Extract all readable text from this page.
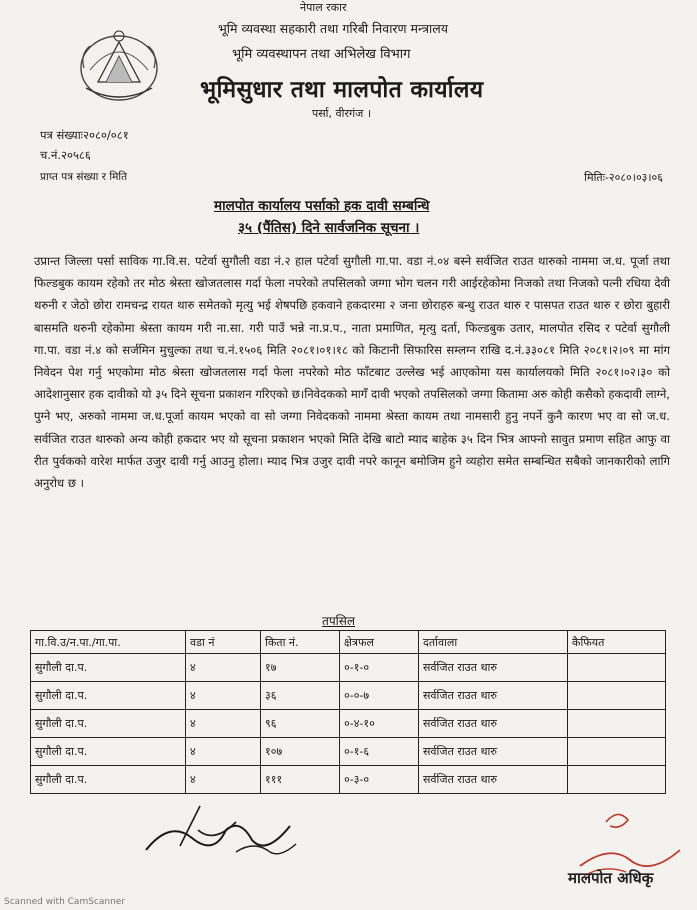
नेपाल रकार
भूमि व्यवस्था सहकारी तथा गरिबी निवारण मन्त्रालय
भूमि व्यवस्थापन तथा अभिलेख विभाग
भूमिसुधार तथा मालपोत कार्यालय
पर्सा, वीरगंज ।
पत्र संख्याः२०८०/०८१
च.नं.२०५८६
प्राप्त पत्र संख्या र मिति	मितिः-२०८०।०३।०६
मालपोत कार्यालय पर्साको हक दावी सम्बन्धि
३५ (पैंतिस) दिने सार्वजनिक सूचना ।
उप्रान्त जिल्ला पर्सा साविक गा.वि.स. पटेर्वा सुगौली वडा नं.२ हाल पटेर्वा सुगौली गा.पा. वडा नं.०४ बस्ने सर्वजित राउत थारुको नाममा ज.ध. पूर्जा तथा फिल्डबुक कायम रहेको तर मोठ श्रेस्ता खोजतलास गर्दा फेला नपरेको तपसिलको जग्गा भोग चलन गरी आईरहेकोमा निजको तथा निजको पत्नी रधिया देवी थरुनी र जेठो छोरा रामचन्द्र रायत थारु समेतको मृत्यु भई शेषपछि हकवाने हकदारमा २ जना छोराहरु बन्धु राउत थारु र पासपत राउत थारु र छोरा बुहारी बासमति थरुनी रहेकोमा श्रेस्ता कायम गरी ना.सा. गरी पाउँ भन्ने ना.प्र.प., नाता प्रमाणित, मृत्यु दर्ता, फिल्डबुक उतार, मालपोत रसिद र पटेर्वा सुगौली गा.पा. वडा नं.४ को सर्जमिन मुचुल्का तथा च.नं.१५०६ मिति २०८१।०१।१८ को किटानी सिफारिस सम्लग्न राखि द.नं.३३०८१ मिति २०८१।२।०९ मा मांग निवेदन पेश गर्नु भएकोमा मोठ श्रेस्ता खोजतलास गर्दा फेला नपरेको मोठ फाँटबाट उल्लेख भई आएकोमा यस कार्यालयको मिति २०८१।०२।३० को आदेशानुसार हक दावीको यो ३५ दिने सूचना प्रकाशन गरिएको छ।निवेदकको मागँ दावी भएको तपसिलको जग्गा कितामा अरु कोही कसैको हकदावी लाग्ने, पुग्ने भए, अरुको नाममा ज.ध.पूर्जा कायम भएको वा सो जग्गा निवेदकको नाममा श्रेस्ता कायम तथा नामसारी हुनु नपर्ने कुनै कारण भए वा सो ज.ध. सर्वजित राउत थारुको अन्य कोही हकदार भए यो सूचना प्रकाशन भएको मिति देखि बाटो म्याद बाहेक ३५ दिन भित्र आफ्नो सावुत प्रमाण सहित आफु वा रीत पुर्वकको वारेश मार्फत उजुर दावी गर्नु आउनु होला। म्याद भित्र उजुर दावी नपरे कानून बमोजिम हुने व्यहोरा समेत सम्बन्धित सबैको जानकारीको लागि अनुरोध छ ।
तपसिल
गा.वि.उ/न.पा./गा.पा.	वडा नं	किता नं.	क्षेत्रफल	दर्तावाला	कैफियत
सुगौली दा.प.	४	१७	०-१-०	सर्वजित राउत थारु	
सुगौली दा.प.	४	३६	०-०-७	सर्वजित राउत थारु	
सुगौली दा.प.	४	९६	०-४-१०	सर्वजित राउत थारु	
सुगौली दा.प.	४	१०७	०-१-६	सर्वजित राउत थारु	
सुगौली दा.प.	४	१११	०-३-०	सर्वजित राउत थारु	
मालपोत अधिकृ
Scanned with CamScanner
